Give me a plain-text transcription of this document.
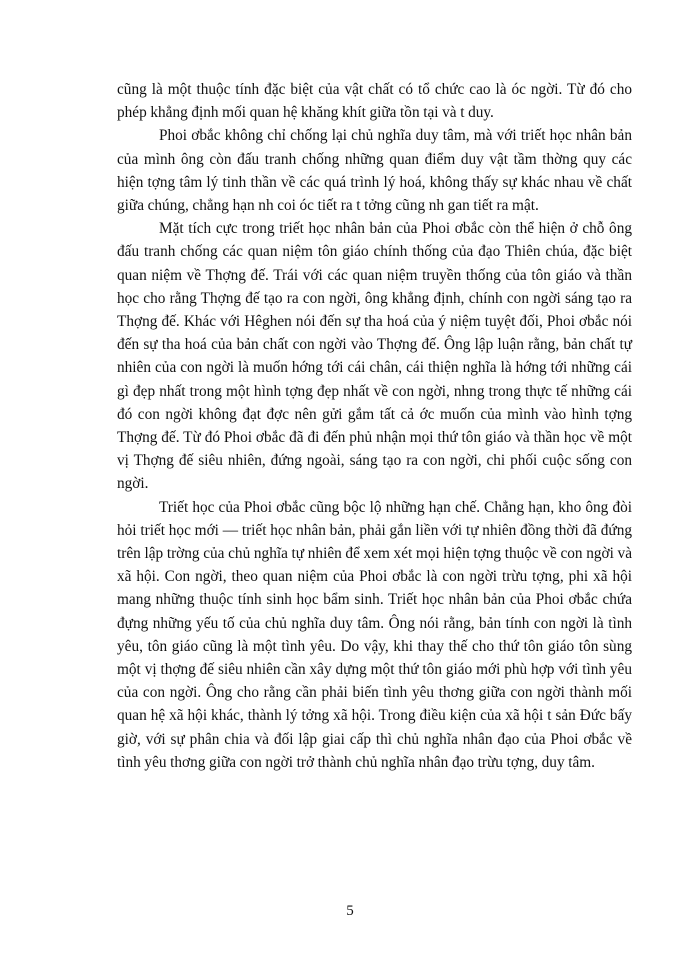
cũng là một thuộc tính đặc biệt của vật chất có tổ chức cao là óc ngời. Từ đó cho phép khẳng định mối quan hệ khăng khít giữa tồn tại và t duy.

Phoi ơbắc không chỉ chống lại chủ nghĩa duy tâm, mà với triết học nhân bản của mình ông còn đấu tranh chống những quan điểm duy vật tầm thờng quy các hiện tợng tâm lý tinh thần về các quá trình lý hoá, không thấy sự khác nhau về chất giữa chúng, chẳng hạn nh coi óc tiết ra t tởng cũng nh gan tiết ra mật.

Mặt tích cực trong triết học nhân bản của Phoi ơbắc còn thể hiện ở chỗ ông đấu tranh chống các quan niệm tôn giáo chính thống của đạo Thiên chúa, đặc biệt quan niệm về Thợng đế. Trái với các quan niệm truyền thống của tôn giáo và thần học cho rằng Thợng đế tạo ra con ngời, ông khẳng định, chính con ngời sáng tạo ra Thợng đế. Khác với Hêghen nói đến sự tha hoá của ý niệm tuyệt đối, Phoi ơbắc nói đến sự tha hoá của bản chất con ngời vào Thợng đế. Ông lập luận rằng, bản chất tự nhiên của con ngời là muốn hớng tới cái chân, cái thiện nghĩa là hớng tới những cái gì đẹp nhất trong một hình tợng đẹp nhất về con ngời, nhng trong thực tế những cái đó con ngời không đạt đợc nên gửi gắm tất cả ớc muốn của mình vào hình tợng Thợng đế. Từ đó Phoi ơbắc đã đi đến phủ nhận mọi thứ tôn giáo và thần học về một vị Thợng đế siêu nhiên, đứng ngoài, sáng tạo ra con ngời, chi phối cuộc sống con ngời.

Triết học của Phoi ơbắc cũng bộc lộ những hạn chế. Chẳng hạn, kho ông đòi hỏi triết học mới — triết học nhân bản, phải gắn liền với tự nhiên đồng thời đã đứng trên lập trờng của chủ nghĩa tự nhiên để xem xét mọi hiện tợng thuộc về con ngời và xã hội. Con ngời, theo quan niệm của Phoi ơbắc là con ngời trừu tợng, phi xã hội mang những thuộc tính sinh học bẩm sinh. Triết học nhân bản của Phoi ơbắc chứa đựng những yếu tố của chủ nghĩa duy tâm. Ông nói rằng, bản tính con ngời là tình yêu, tôn giáo cũng là một tình yêu. Do vậy, khi thay thế cho thứ tôn giáo tôn sùng một vị thợng đế siêu nhiên cần xây dựng một thứ tôn giáo mới phù hợp với tình yêu của con ngời. Ông cho rằng cần phải biến tình yêu thơng giữa con ngời thành mối quan hệ xã hội khác, thành lý tởng xã hội. Trong điều kiện của xã hội t sản Đức bấy giờ, với sự phân chia và đối lập giai cấp thì chủ nghĩa nhân đạo của Phoi ơbắc về tình yêu thơng giữa con ngời trở thành chủ nghĩa nhân đạo trừu tợng, duy tâm.

5
